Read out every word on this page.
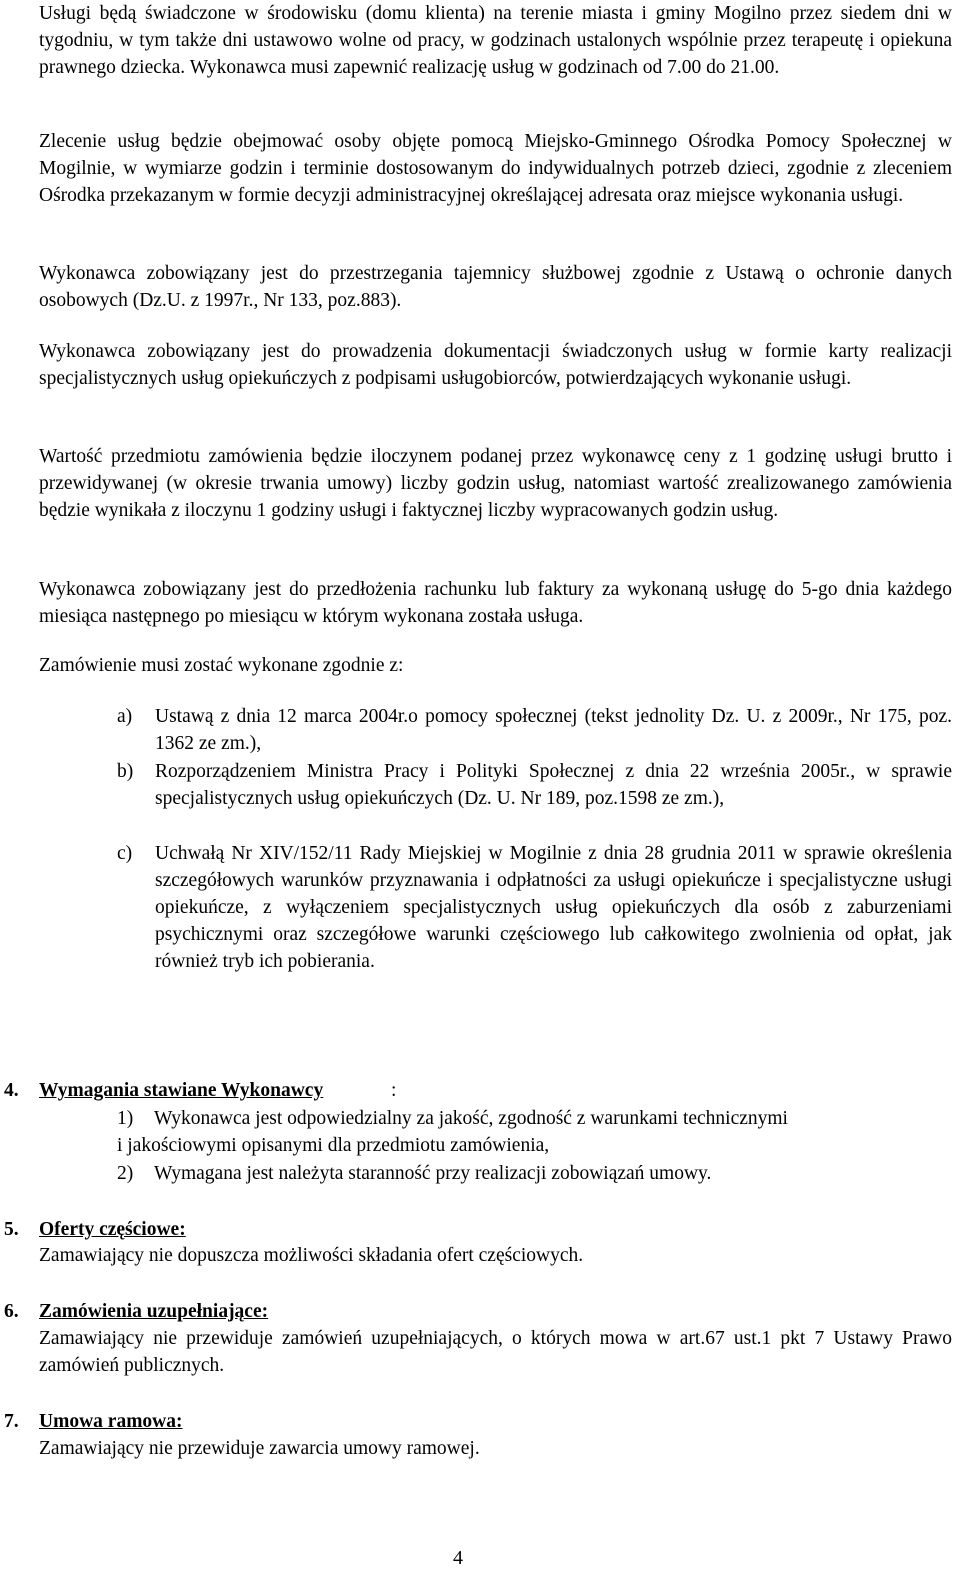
Usługi będą świadczone w środowisku (domu klienta) na terenie miasta i gminy Mogilno przez siedem dni w tygodniu, w tym także dni ustawowo wolne od pracy, w godzinach ustalonych wspólnie przez terapeutę i opiekuna prawnego dziecka. Wykonawca musi zapewnić realizację usług w godzinach od 7.00 do 21.00.

Zlecenie usług będzie obejmować osoby objęte pomocą Miejsko-Gminnego Ośrodka Pomocy Społecznej w Mogilnie, w wymiarze godzin i terminie dostosowanym do indywidualnych potrzeb dzieci, zgodnie z zleceniem Ośrodka przekazanym w formie decyzji administracyjnej określającej adresata oraz miejsce wykonania usługi.

Wykonawca zobowiązany jest do przestrzegania tajemnicy służbowej zgodnie z Ustawą o ochronie danych osobowych (Dz.U. z 1997r., Nr 133, poz.883).

Wykonawca zobowiązany jest do prowadzenia dokumentacji świadczonych usług w formie karty realizacji specjalistycznych usług opiekuńczych z podpisami usługobiorców, potwierdzających wykonanie usługi.

Wartość przedmiotu zamówienia będzie iloczynem podanej przez wykonawcę ceny z 1 godzinę usługi brutto i przewidywanej (w okresie trwania umowy) liczby godzin usług, natomiast wartość zrealizowanego zamówienia będzie wynikała z iloczynu 1 godziny usługi i faktycznej liczby wypracowanych godzin usług.

Wykonawca zobowiązany jest do przedłożenia rachunku lub faktury za wykonaną usługę do 5-go dnia każdego miesiąca następnego po miesiącu w którym wykonana została usługa.

Zamówienie musi zostać wykonane zgodnie z:

a) Ustawą z dnia 12 marca 2004r.o pomocy społecznej (tekst jednolity Dz. U. z 2009r., Nr 175, poz. 1362 ze zm.),
b) Rozporządzeniem Ministra Pracy i Polityki Społecznej z dnia 22 września 2005r., w sprawie specjalistycznych usług opiekuńczych (Dz. U. Nr 189, poz.1598 ze zm.),
c) Uchwałą Nr XIV/152/11 Rady Miejskiej w Mogilnie z dnia 28 grudnia 2011 w sprawie określenia szczegółowych warunków przyznawania i odpłatności za usługi opiekuńcze i specjalistyczne usługi opiekuńcze, z wyłączeniem specjalistycznych usług opiekuńczych dla osób z zaburzeniami psychicznymi oraz szczegółowe warunki częściowego lub całkowitego zwolnienia od opłat, jak również tryb ich pobierania.
4. Wymagania stawiane Wykonawcy	:
1) Wykonawca jest odpowiedzialny za jakość, zgodność z warunkami technicznymi
i jakościowymi opisanymi dla przedmiotu zamówienia,
2) Wymagana jest należyta staranność przy realizacji zobowiązań umowy.
5. Oferty częściowe:
Zamawiający nie dopuszcza możliwości składania ofert częściowych.
6. Zamówienia uzupełniające:
Zamawiający nie przewiduje zamówień uzupełniających, o których mowa w art.67 ust.1 pkt 7 Ustawy Prawo zamówień publicznych.
7. Umowa ramowa:
Zamawiający nie przewiduje zawarcia umowy ramowej.
4
